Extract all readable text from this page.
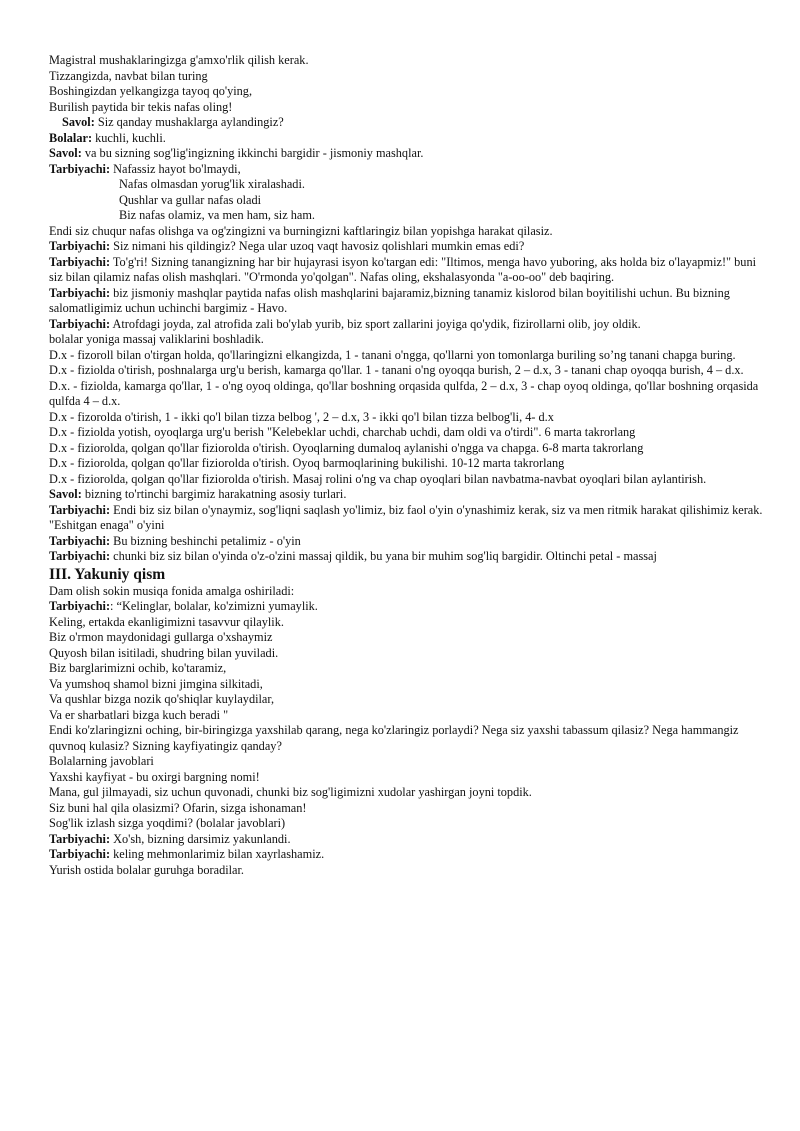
Magistral mushaklaringizga g'amxo'rlik qilish kerak.
Tizzangizda, navbat bilan turing
Boshingizdan yelkangizga tayoq qo'ying,
Burilish paytida bir tekis nafas oling!
Savol: Siz qanday mushaklarga aylandingiz?
Bolalar: kuchli, kuchli.
Savol: va bu sizning sog'lig'ingizning ikkinchi bargidir - jismoniy mashqlar.
Tarbiyachi: Nafassiz hayot bo'lmaydi,
Nafas olmasdan yorug'lik xiralashadi.
Qushlar va gullar nafas oladi
Biz nafas olamiz, va men ham, siz ham.
Endi siz chuqur nafas olishga va og'zingizni va burningizni kaftlaringiz bilan yopishga harakat qilasiz.
Tarbiyachi: Siz nimani his qildingiz? Nega ular uzoq vaqt havosiz qolishlari mumkin emas edi?
Tarbiyachi: To'g'ri! Sizning tanangizning har bir hujayrasi isyon ko'targan edi: "Iltimos, menga havo yuboring, aks holda biz o'layapmiz!" buni siz bilan qilamiz nafas olish mashqlari. "O'rmonda yo'qolgan". Nafas oling, ekshalasyonda "a-oo-oo" deb baqiring.
Tarbiyachi: biz jismoniy mashqlar paytida nafas olish mashqlarini bajaramiz,bizning tanamiz kislorod bilan boyitilishi uchun. Bu bizning salomatligimiz uchun uchinchi bargimiz - Havo.
Tarbiyachi: Atrofdagi joyda, zal atrofida zali bo'ylab yurib, biz sport zallarini joyiga qo'ydik, fizirollarni olib, joy oldik.
bolalar yoniga massaj valiklarini boshladik.
D.x - fizoroll bilan o'tirgan holda, qo'llaringizni elkangizda, 1 - tanani o'ngga, qo'llarni yon tomonlarga buriling so’ng tanani chapga buring.
D.x - fiziolda o'tirish, poshnalarga urg'u berish, kamarga qo'llar. 1 - tanani o'ng oyoqqa burish, 2 – d.x, 3 - tanani chap oyoqqa burish, 4 – d.x.
D.x. - fiziolda, kamarga qo'llar, 1 - o'ng oyoq oldinga, qo'llar boshning orqasida qulfda, 2 – d.x, 3 - chap oyoq oldinga, qo'llar boshning orqasida qulfda 4 – d.x.
D.x - fizorolda o'tirish, 1 - ikki qo'l bilan tizza belbog ', 2 – d.x, 3 - ikki qo'l bilan tizza belbog'li, 4- d.x
D.x - fiziolda yotish, oyoqlarga urg'u berish "Kelebeklar uchdi, charchab uchdi, dam oldi va o'tirdi". 6 marta takrorlang
D.x - fiziorolda, qolgan qo'llar fiziorolda o'tirish. Oyoqlarning dumaloq aylanishi o'ngga va chapga. 6-8 marta takrorlang
D.x - fiziorolda, qolgan qo'llar fiziorolda o'tirish. Oyoq barmoqlarining bukilishi. 10-12 marta takrorlang
D.x - fiziorolda, qolgan qo'llar fiziorolda o'tirish. Masaj rolini o'ng va chap oyoqlari bilan navbatma-navbat oyoqlari bilan aylantirish.
Savol: bizning to'rtinchi bargimiz harakatning asosiy turlari.
Tarbiyachi: Endi biz siz bilan o'ynaymiz, sog'liqni saqlash yo'limiz, biz faol o'yin o'ynashimiz kerak, siz va men ritmik harakat qilishimiz kerak.
"Eshitgan enaga" o'yini
Tarbiyachi: Bu bizning beshinchi petalimiz - o'yin
Tarbiyachi: chunki biz siz bilan o'yinda o'z-o'zini massaj qildik, bu yana bir muhim sog'liq bargidir. Oltinchi petal - massaj
III. Yakuniy qism
Dam olish sokin musiqa fonida amalga oshiriladi:
Tarbiyachi:: “Kelinglar, bolalar, ko'zimizni yumaylik.
Keling, ertakda ekanligimizni tasavvur qilaylik.
Biz o'rmon maydonidagi gullarga o'xshaymiz
Quyosh bilan isitiladi, shudring bilan yuviladi.
Biz barglarimizni ochib, ko'taramiz,
Va yumshoq shamol bizni jimgina silkitadi,
Va qushlar bizga nozik qo'shiqlar kuylaydilar,
Va er sharbatlari bizga kuch beradi "
Endi ko'zlaringizni oching, bir-biringizga yaxshilab qarang, nega ko'zlaringiz porlaydi? Nega siz yaxshi tabassum qilasiz? Nega hammangiz quvnoq kulasiz? Sizning kayfiyatingiz qanday?
Bolalarning javoblari
Yaxshi kayfiyat - bu oxirgi bargning nomi!
Mana, gul jilmayadi, siz uchun quvonadi, chunki biz sog'ligimizni xudolar yashirgan joyni topdik.
Siz buni hal qila olasizmi? Ofarin, sizga ishonaman!
Sog'lik izlash sizga yoqdimi? (bolalar javoblari)
Tarbiyachi: Xo'sh, bizning darsimiz yakunlandi.
Tarbiyachi: keling mehmonlarimiz bilan xayrlashamiz.
Yurish ostida bolalar guruhga boradilar.
